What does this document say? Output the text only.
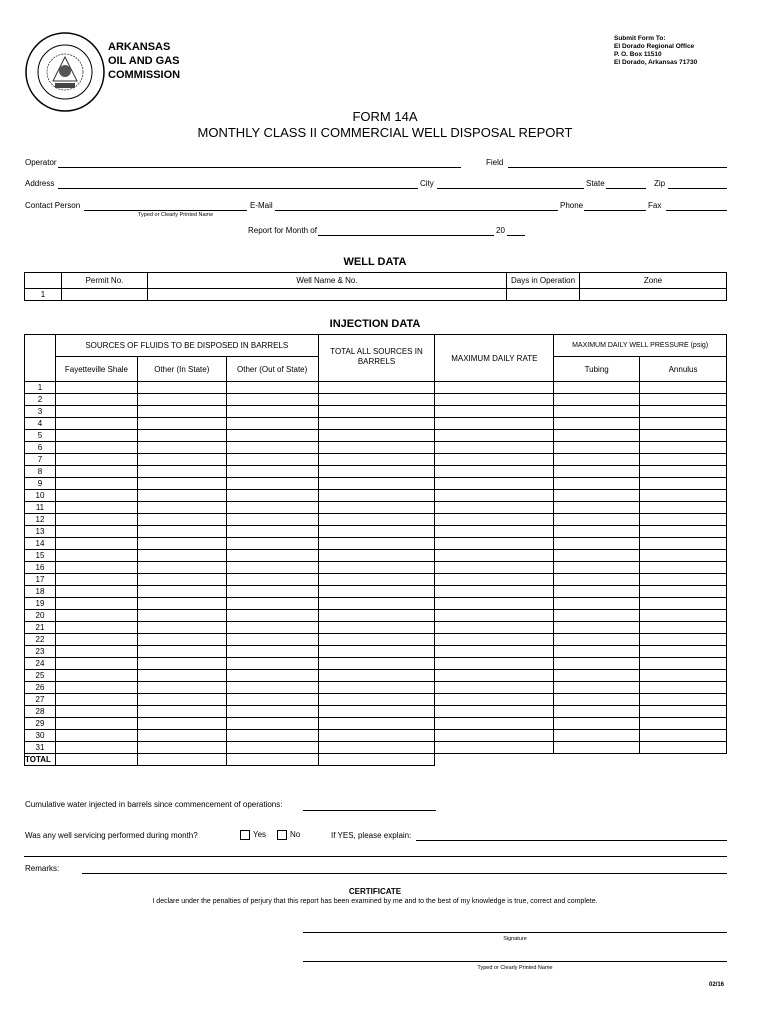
ARKANSAS
OIL AND GAS
COMMISSION
Submit Form To:
El Dorado Regional Office
P. O. Box 11510
El Dorado, Arkansas 71730
FORM 14A
MONTHLY CLASS II COMMERCIAL WELL DISPOSAL REPORT
Operator	Field
Address	City	State	Zip
Contact Person
Typed or Clearly Printed Name
E-Mail	Phone	Fax
Report for Month of	20
WELL DATA
	Permit No.	Well Name & No.	Days in Operation	Zone
1				
INJECTION DATA
	SOURCES OF FLUIDS TO BE DISPOSED IN BARRELS			TOTAL ALL SOURCES IN BARRELS	MAXIMUM DAILY RATE	MAXIMUM DAILY WELL PRESSURE (psig)	
	Fayetteville Shale	Other (In State)	Other (Out of State)			Tubing	Annulus
1							
2							
3							
4							
5							
6							
7							
8							
9							
10							
11							
12							
13							
14							
15							
16							
17							
18							
19							
20							
21							
22							
23							
24							
25							
26							
27							
28							
29							
30							
31							
TOTAL							
Cumulative water injected in barrels since commencement of operations:
Was any well servicing performed during month?	Yes	No	If YES, please explain:
Remarks:
CERTIFICATE
I declare under the penalties of perjury that this report has been examined by me and to the best of my knowledge is true, correct and complete.
Signature
Typed or Clearly Printed Name
02/16
